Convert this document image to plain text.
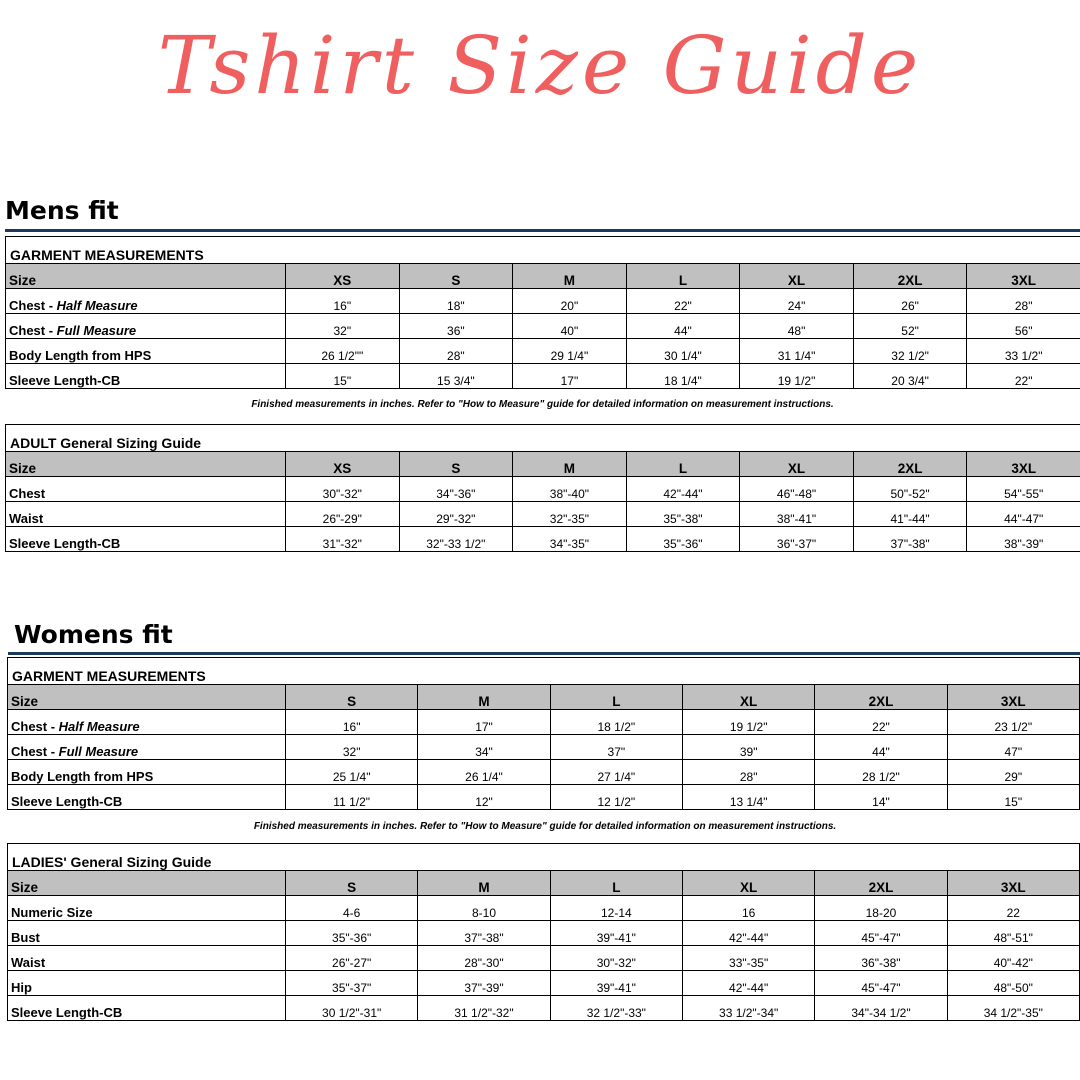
Tshirt Size Guide
Mens fit
GARMENT MEASUREMENTS							
Size	XS	S	M	L	XL	2XL	3XL
Chest - Half Measure	16"	18"	20"	22"	24"	26"	28"
Chest - Full Measure	32"	36"	40"	44"	48"	52"	56"
Body Length from HPS	26 1/2""	28"	29 1/4"	30 1/4"	31 1/4"	32 1/2"	33 1/2"
Sleeve Length-CB	15"	15 3/4"	17"	18 1/4"	19 1/2"	20 3/4"	22"
Finished measurements in inches. Refer to "How to Measure" guide for detailed information on measurement instructions.
ADULT General Sizing Guide							
Size	XS	S	M	L	XL	2XL	3XL
Chest	30"-32"	34"-36"	38"-40"	42"-44"	46"-48"	50"-52"	54"-55"
Waist	26"-29"	29"-32"	32"-35"	35"-38"	38"-41"	41"-44"	44"-47"
Sleeve Length-CB	31"-32"	32"-33 1/2"	34"-35"	35"-36"	36"-37"	37"-38"	38"-39"
Womens fit
GARMENT MEASUREMENTS						
Size	S	M	L	XL	2XL	3XL
Chest - Half Measure	16"	17"	18 1/2"	19 1/2"	22"	23 1/2"
Chest - Full Measure	32"	34"	37"	39"	44"	47"
Body Length from HPS	25 1/4"	26 1/4"	27 1/4"	28"	28 1/2"	29"
Sleeve Length-CB	11 1/2"	12"	12 1/2"	13 1/4"	14"	15"
Finished measurements in inches. Refer to "How to Measure" guide for detailed information on measurement instructions.
LADIES' General Sizing Guide						
Size	S	M	L	XL	2XL	3XL
Numeric Size	4-6	8-10	12-14	16	18-20	22
Bust	35"-36"	37"-38"	39"-41"	42"-44"	45"-47"	48"-51"
Waist	26"-27"	28"-30"	30"-32"	33"-35"	36"-38"	40"-42"
Hip	35"-37"	37"-39"	39"-41"	42"-44"	45"-47"	48"-50"
Sleeve Length-CB	30 1/2"-31"	31 1/2"-32"	32 1/2"-33"	33 1/2"-34"	34"-34 1/2"	34 1/2"-35"
